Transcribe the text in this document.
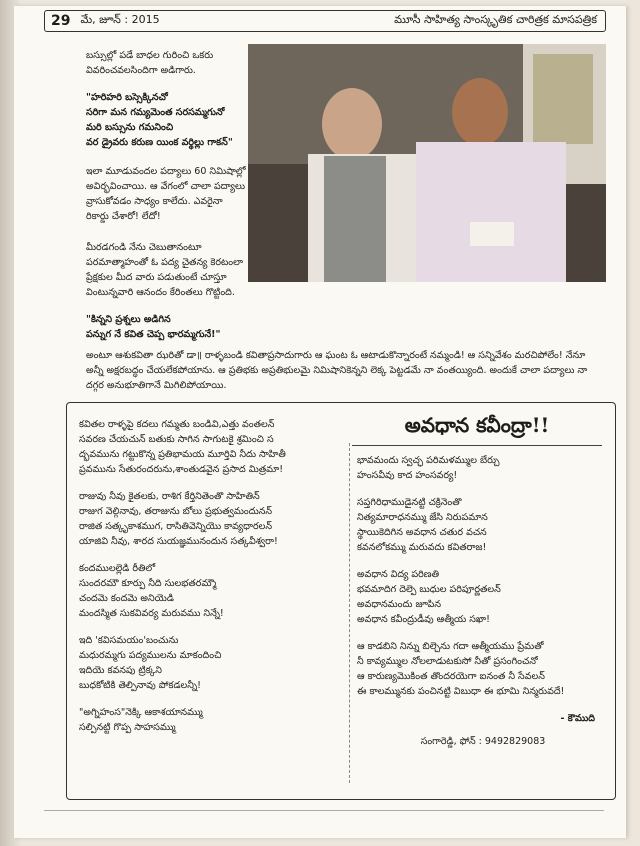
29 మే, జూన్ : 2015	మూసీ సాహిత్య సాంస్కృతిక చారిత్రక మాసపత్రిక

బస్సుల్లో పడే బాధల గురించి ఒకరు వివరించవలసిందిగా అడిగారు.

"హరిహరి బస్సెక్కినచో
సరిగా మన గమ్యమెంత సరసమ్మగునో
మరి బస్సును గమనించి
వర డ్రైవరు కరుణ యింక వర్థిల్లు గాకన్"

ఇలా మూడువందల పద్యాలు 60 నిమిషాల్లో అవిర్భవించాయి. ఆ వేగంలో చాలా పద్యాలు వ్రాసుకోవడం సాధ్యం కాలేదు. ఎవరైనా రికార్డు చేశారో! లేదో!

మీరడగండి నేను చెబుతానంటూ పరమాత్మాహంతో ఓ పద్య చైతన్య కెరటంలా ప్రేక్షకుల మీద వారు పడుతుంటే చూస్తూ వింటున్నవారి ఆనందం కేరింతలు గొట్టింది.
"కిన్నని ప్రశ్నలు అడిగిన
పన్నుగ నే కవిత చెప్ప భారమ్మగునే!"
అంటూ ఆశుకవితా ఝరితో డా॥ రాళ్ళబండి కవితాప్రసాదుగారు ఆ ఘంట ఓ ఆటాడుకొన్నారంటే నమ్మండి! ఆ సన్నివేశం మరచిపోలేం! నేనూ అన్నీ అక్షరబద్ధం చేయలేకపోయాను. ఆ ప్రతిభకు అప్రతిభులమై నిమిషానికెన్నని లెక్క పెట్టడమే నా వంతయ్యింది. అందుకే చాలా పద్యాలు నా దగ్గర అనుభూతిగానే మిగిలిపోయాయి.
కవితల రాళ్ళపై కదలు గమ్మతు బండివి,ఎత్తు వంతలన్
సవరణ చేయచున్ బతుకు సాగిన సాగుటకై శ్రమించి స
ద్భవమును గట్టుకొన్న ప్రతిభామయ మూర్తివి నీదు సాహితీ
ప్రవమును సేతురందరును,శాంతుడవైన ప్రసాద మిత్రమా!
రాజువు నీవు కైతలకు, రాశిగ కేర్తినితెంతొ సాహితిన్
రాజుగ వెల్గినావు, తరాజును బోలు ప్రభుత్వమందునన్
రాజిత సత్కృకాశముగ, రాసితివెన్నియొ కావ్యధారలన్
యాజివి నీవు, శారద సుయజ్ఞమునందున సత్కవీశ్వరా!
కందములల్లెడి రీతిలో
సుందరమౌ కూర్పు నీది సులభతరమ్మౌ
చందమె కందమె అనియెడి
మందస్మిత సుకవివర్య మరువము నిన్నే!
ఇది 'కవిసమయం'బంచును
మధురమ్మగు పద్యములను మాకందించి
ఇదియె కవనపు ట్రిక్కని
బుధకోటికి తెల్పినావు పోకడలన్నీ!
"అగ్నిహంస"నెక్కి ఆకాశయానమ్ము
సల్పినట్టి గొప్ప సాహసమ్ము
అవధాన కవీంద్రా!!
భావమందు స్వచ్ఛ పరిమళమ్ముల బేర్చు
హంసవీవు కాద హంసవర్య!
సప్తగిరిధాముడైనట్టి చక్రినెంతొ
నిత్యమారాధనమ్ము జేసి నిరుపమాన
స్థాయికెదిగిన అవధాన చతుర వచన
కవనలోకమ్ము మరువదు కవితరాజ!
అవధాన విద్య పరిణతి
భవమాదిగ దెల్పె బుధుల పరిపూర్ణతలన్
అవధానమందు జూపిన
అవధాన కవీంద్రుడీవు ఆత్మీయ సఖా!
ఆ కాడబిని నిన్ను బిల్చెను గదా ఆత్మీయము ప్రేమతో
నీ కావ్యమ్ముల నోలలాడుటకుసో నీతో ప్రసంగించనో
ఆ కారుణ్యమొకింత తొందరయెగా ఐనంత నీ సేవలన్
ఈ కాలమ్మునకు పంచినట్టి విబుధా ఈ భూమి నిన్మరువదే!
- కౌముది
సంగారెడ్డి, ఫోన్ : 9492829083
